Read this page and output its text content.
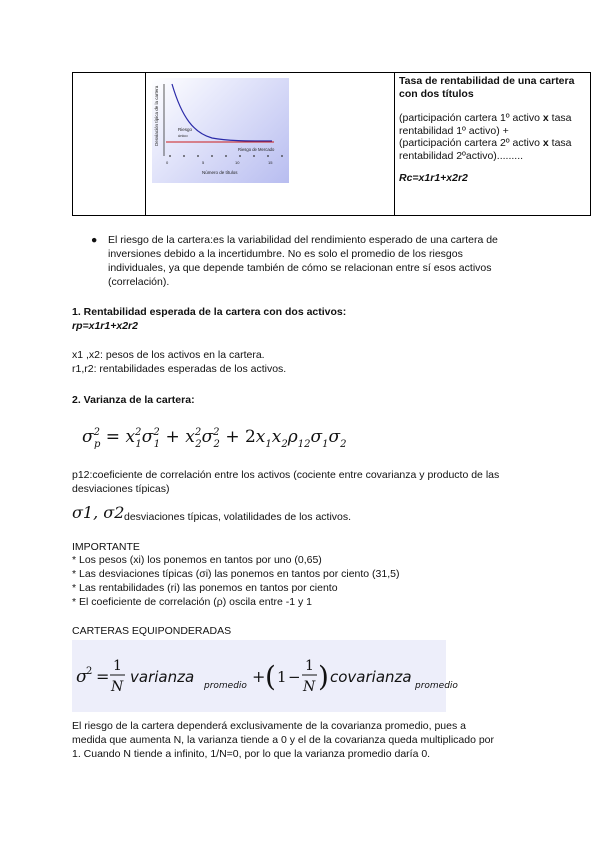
Desviación típica de la cartera	Riesgo
único
Riesgo de Mercado
0	5	10	15
Número de títulos

Tasa de rentabilidad de una cartera con dos títulos

(participación cartera 1º activo x tasa
rentabilidad 1º activo) +
(participación cartera 2º activo x tasa
rentabilidad 2ºactivo).........

Rc=x1r1+x2r2

● El riesgo de la cartera:es la variabilidad del rendimiento esperado de una cartera de
inversiones debido a la incertidumbre. No es solo el promedio de los riesgos
individuales, ya que depende también de cómo se relacionan entre sí esos activos
(correlación).
1. Rentabilidad esperada de la cartera con dos activos:
rp=x1r1+x2r2
x1 ,x2: pesos de los activos en la cartera.
r1,r2: rentabilidades esperadas de los activos.
2. Varianza de la cartera:
$\sigma^2$ $p = x^2$ $1\sigma^2$ $1 + x^2$ $2\sigma^2$ $2 + 2x_1x_2\rho_{12}\sigma_1\sigma_2$
p12:coeficiente de correlación entre los activos (cociente entre covarianza y producto de las
desviaciones típicas)
σ1, σ2 desviaciones típicas, volatilidades de los activos.
IMPORTANTE
* Los pesos (xi) los ponemos en tantos por uno (0,65)
* Las desviaciones típicas (σi) las ponemos en tantos por ciento (31,5)
* Las rentabilidades (ri) las ponemos en tantos por ciento
* El coeficiente de correlación (ρ) oscila entre -1 y 1
CARTERAS EQUIPONDERADAS
σ
2 =
1
N
varianza promedio + ( 1 −
1
N ) covarianza promedio
El riesgo de la cartera dependerá exclusivamente de la covarianza promedio, pues a
medida que aumenta N, la varianza tiende a 0 y el de la covarianza queda multiplicado por
1. Cuando N tiende a infinito, 1/N=0, por lo que la varianza promedio daría 0.
